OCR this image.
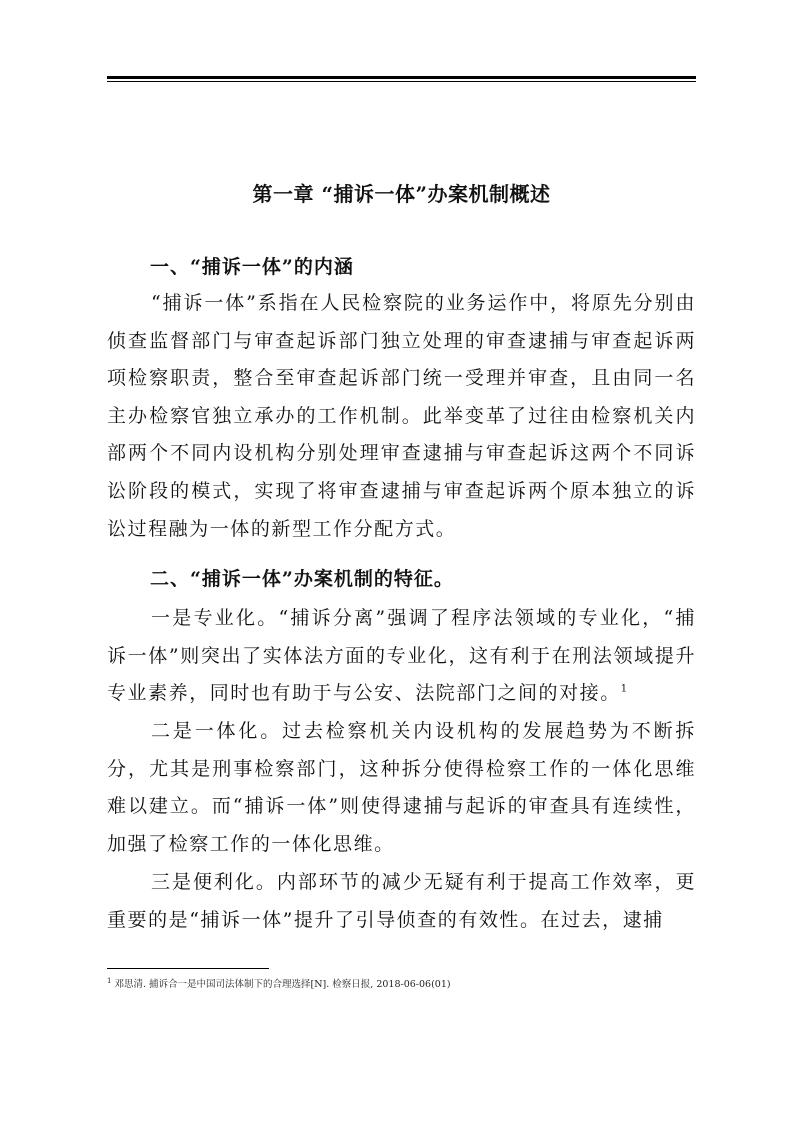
第一章 “捕诉一体”办案机制概述
一、“捕诉一体”的内涵

“捕诉一体”系指在人民检察院的业务运作中，将原先分别由侦查监督部门与审查起诉部门独立处理的审查逮捕与审查起诉两项检察职责，整合至审查起诉部门统一受理并审查，且由同一名主办检察官独立承办的工作机制。此举变革了过往由检察机关内部两个不同内设机构分别处理审查逮捕与审查起诉这两个不同诉讼阶段的模式，实现了将审查逮捕与审查起诉两个原本独立的诉讼过程融为一体的新型工作分配方式。

二、“捕诉一体”办案机制的特征。

一是专业化。“捕诉分离”强调了程序法领域的专业化，“捕诉一体”则突出了实体法方面的专业化，这有利于在刑法领域提升专业素养，同时也有助于与公安、法院部门之间的对接。$^1$

二是一体化。过去检察机关内设机构的发展趋势为不断拆分，尤其是刑事检察部门，这种拆分使得检察工作的一体化思维难以建立。而“捕诉一体”则使得逮捕与起诉的审查具有连续性，加强了检察工作的一体化思维。

三是便利化。内部环节的减少无疑有利于提高工作效率，更重要的是“捕诉一体”提升了引导侦查的有效性。在过去，逮捕

$^1$ 邓思清. 捕诉合一是中国司法体制下的合理选择[N]. 检察日报, 2018-06-06(01)
